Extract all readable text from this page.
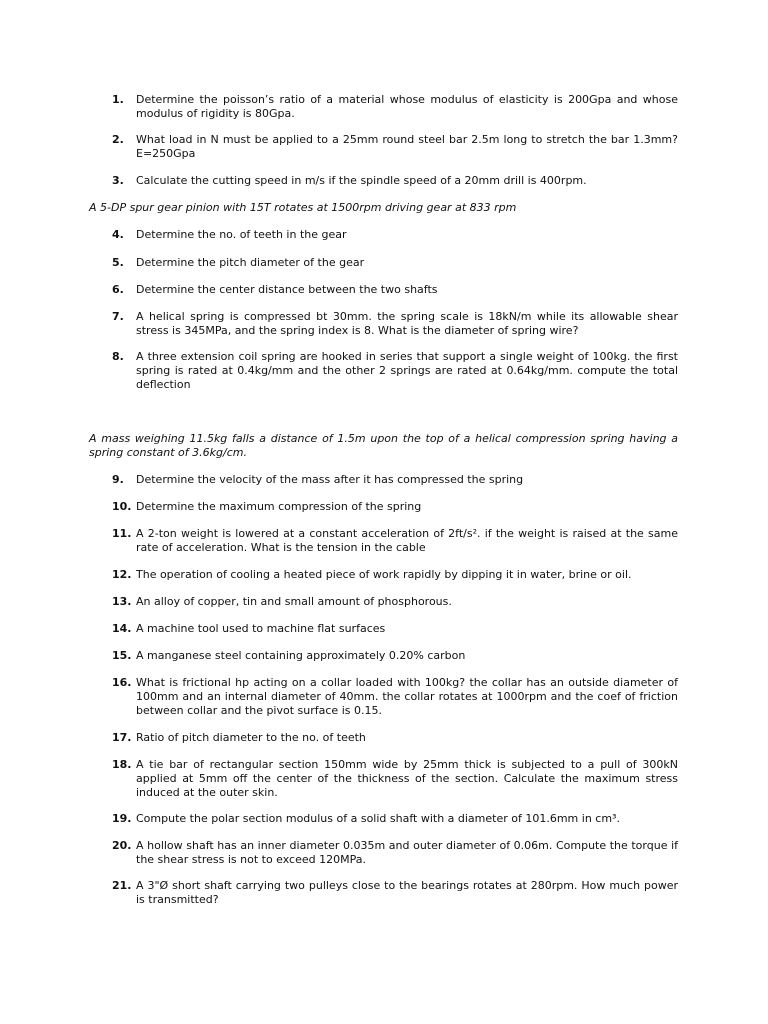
1.	Determine the poisson’s ratio of a material whose modulus of elasticity is 200Gpa and whose modulus of rigidity is 80Gpa.
2.	What load in N must be applied to a 25mm round steel bar 2.5m long to stretch the bar 1.3mm? E=250Gpa
3.	Calculate the cutting speed in m/s if the spindle speed of a 20mm drill is 400rpm.
A 5-DP spur gear pinion with 15T rotates at 1500rpm driving gear at 833 rpm
4.	Determine the no. of teeth in the gear
5.	Determine the pitch diameter of the gear
6.	Determine the center distance between the two shafts
7.	A helical spring is compressed bt 30mm. the spring scale is 18kN/m while its allowable shear stress is 345MPa, and the spring index is 8. What is the diameter of spring wire?
8.	A three extension coil spring are hooked in series that support a single weight of 100kg. the first spring is rated at 0.4kg/mm and the other 2 springs are rated at 0.64kg/mm. compute the total deflection
A mass weighing 11.5kg falls a distance of 1.5m upon the top of a helical compression spring having a spring constant of 3.6kg/cm.
9.	Determine the velocity of the mass after it has compressed the spring
10. Determine the maximum compression of the spring
11. A 2-ton weight is lowered at a constant acceleration of 2ft/s². if the weight is raised at the same rate of acceleration. What is the tension in the cable
12. The operation of cooling a heated piece of work rapidly by dipping it in water, brine or oil.
13. An alloy of copper, tin and small amount of phosphorous.
14. A machine tool used to machine flat surfaces
15. A manganese steel containing approximately 0.20% carbon
16. What is frictional hp acting on a collar loaded with 100kg? the collar has an outside diameter of 100mm and an internal diameter of 40mm. the collar rotates at 1000rpm and the coef of friction between collar and the pivot surface is 0.15.
17. Ratio of pitch diameter to the no. of teeth
18. A tie bar of rectangular section 150mm wide by 25mm thick is subjected to a pull of 300kN applied at 5mm off the center of the thickness of the section. Calculate the maximum stress induced at the outer skin.
19. Compute the polar section modulus of a solid shaft with a diameter of 101.6mm in cm³.
20. A hollow shaft has an inner diameter 0.035m and outer diameter of 0.06m. Compute the torque if the shear stress is not to exceed 120MPa.
21. A 3"Ø short shaft carrying two pulleys close to the bearings rotates at 280rpm. How much power is transmitted?
